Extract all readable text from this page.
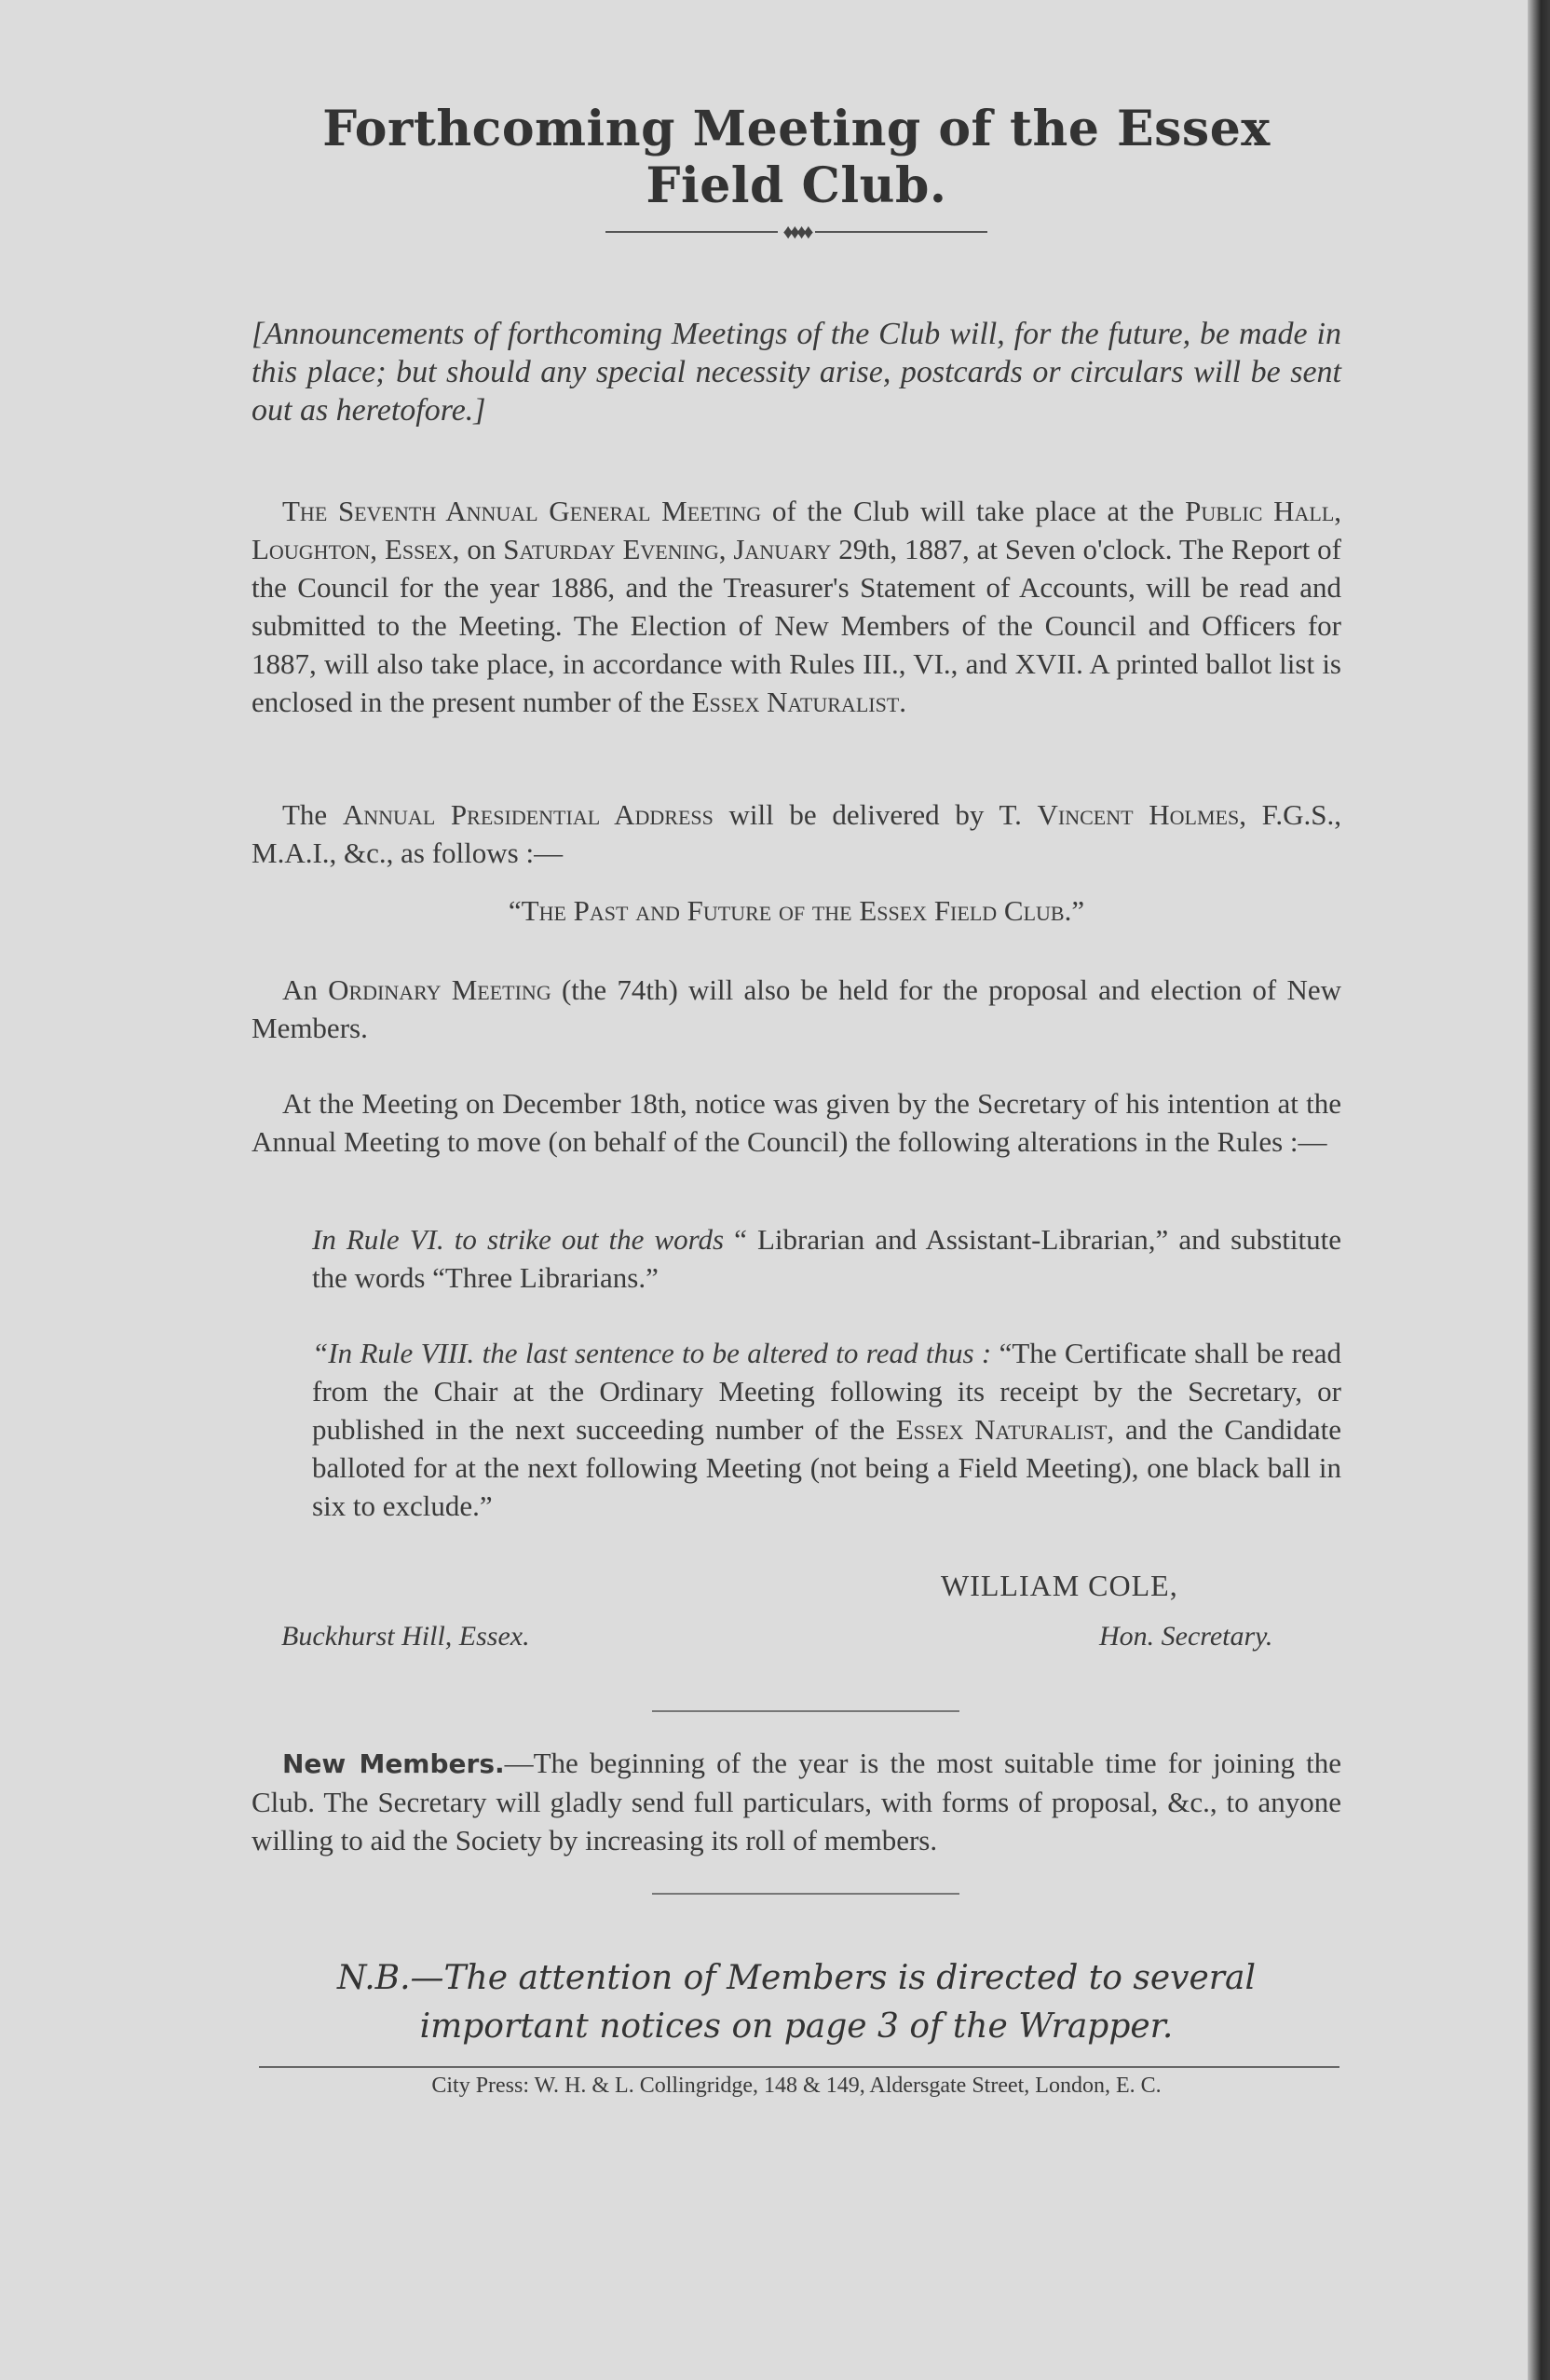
Forthcoming Meeting of the Essex Field Club.
♦♦♦♦

[Announcements of forthcoming Meetings of the Club will, for the future, be made in this place; but should any special necessity arise, postcards or circulars will be sent out as heretofore.]

The Seventh Annual General Meeting of the Club will take place at the Public Hall, Loughton, Essex, on Saturday Evening, January 29th, 1887, at Seven o'clock. The Report of the Council for the year 1886, and the Treasurer's Statement of Accounts, will be read and submitted to the Meeting. The Election of New Members of the Council and Officers for 1887, will also take place, in accordance with Rules III., VI., and XVII. A printed ballot list is enclosed in the present number of the Essex Naturalist.

The Annual Presidential Address will be delivered by T. Vincent Holmes, F.G.S., M.A.I., &c., as follows :—

“The Past and Future of the Essex Field Club.”

An Ordinary Meeting (the 74th) will also be held for the proposal and election of New Members.

At the Meeting on December 18th, notice was given by the Secretary of his intention at the Annual Meeting to move (on behalf of the Council) the following alterations in the Rules :—

In Rule VI. to strike out the words “ Librarian and Assistant-Librarian,” and substitute the words “Three Librarians.”

“In Rule VIII. the last sentence to be altered to read thus : “The Certificate shall be read from the Chair at the Ordinary Meeting following its receipt by the Secretary, or published in the next succeeding number of the Essex Naturalist, and the Candidate balloted for at the next following Meeting (not being a Field Meeting), one black ball in six to exclude.”

WILLIAM COLE,
Buckhurst Hill, Essex.	Hon. Secretary.

New Members.—The beginning of the year is the most suitable time for joining the Club. The Secretary will gladly send full particulars, with forms of proposal, &c., to anyone willing to aid the Society by increasing its roll of members.

N.B.—The attention of Members is directed to several important notices on page 3 of the Wrapper.

City Press: W. H. & L. Collingridge, 148 & 149, Aldersgate Street, London, E. C.
